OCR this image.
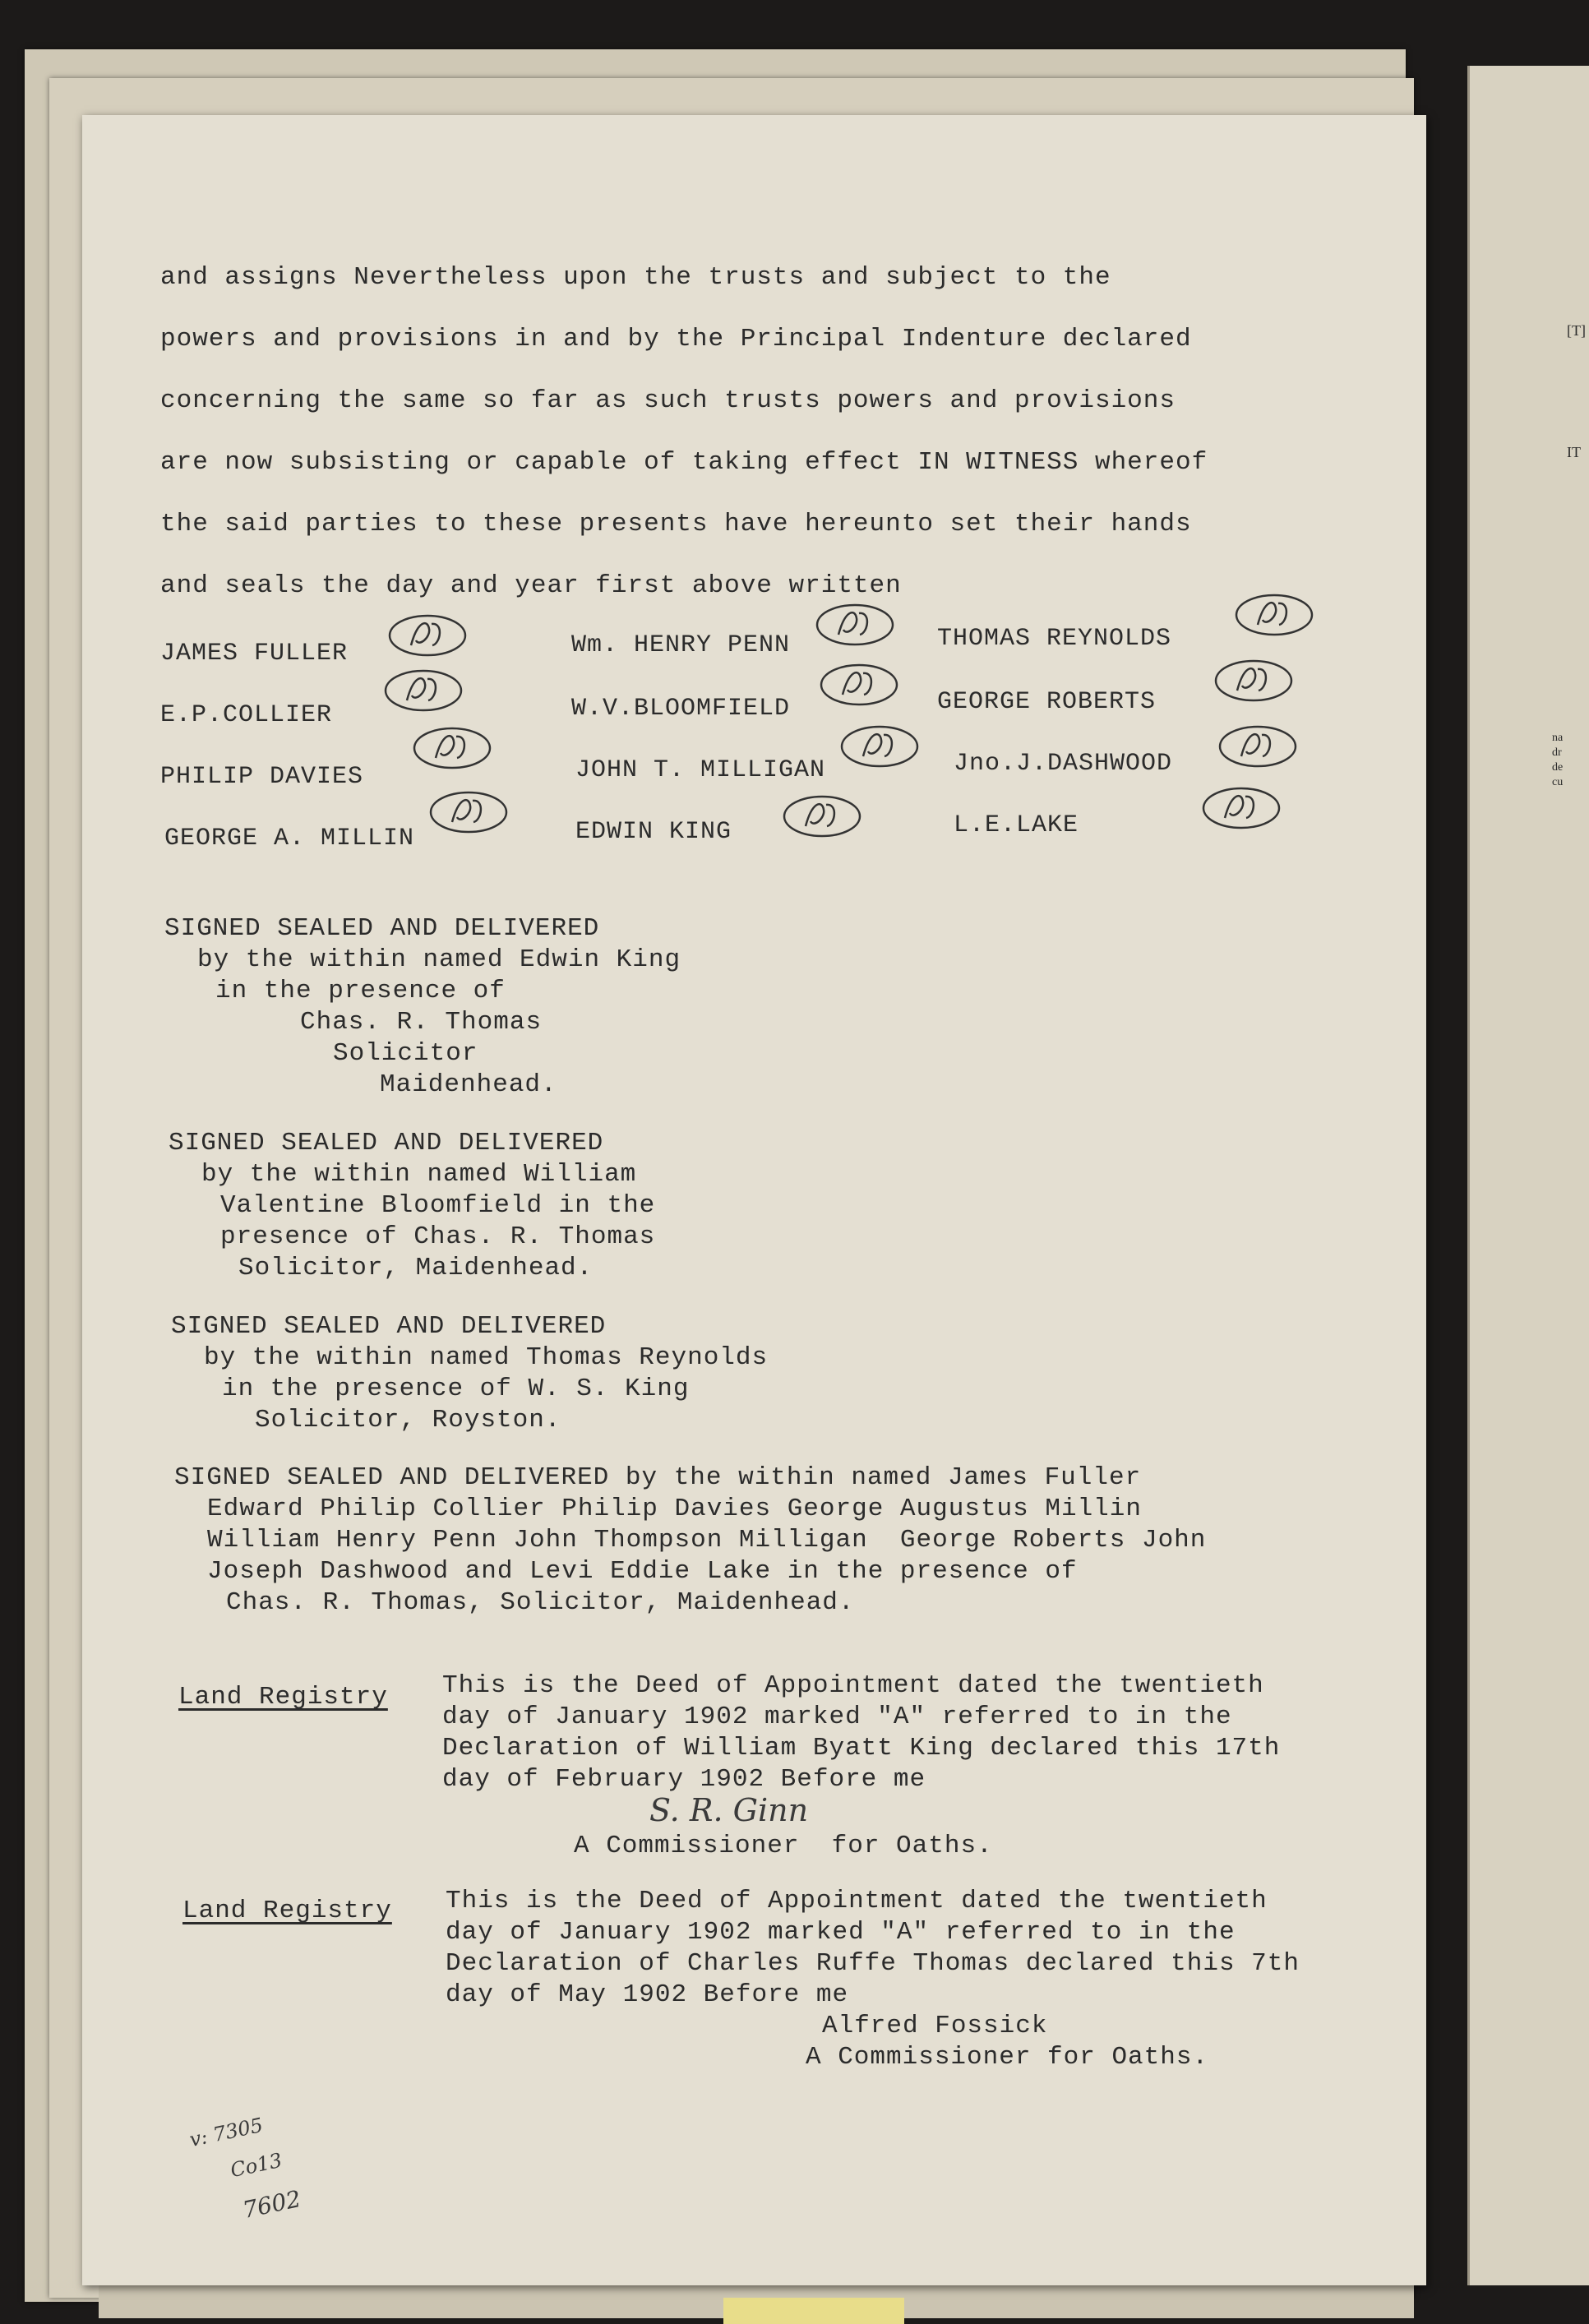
[T]
IT
na
dr
de
cu
and assigns Nevertheless upon the trusts and subject to the
powers and provisions in and by the Principal Indenture declared
concerning the same so far as such trusts powers and provisions
are now subsisting or capable of taking effect IN WITNESS whereof
the said parties to these presents have hereunto set their hands
and seals the day and year first above written
JAMES FULLER	Wm. HENRY PENN	THOMAS REYNOLDS
E.P.COLLIER	W.V.BLOOMFIELD	GEORGE ROBERTS
PHILIP DAVIES	JOHN T. MILLIGAN	Jno.J.DASHWOOD
GEORGE A. MILLIN	EDWIN KING	L.E.LAKE
SIGNED SEALED AND DELIVERED
by the within named Edwin King
in the presence of
Chas. R. Thomas
Solicitor
Maidenhead.
SIGNED SEALED AND DELIVERED
by the within named William
Valentine Bloomfield in the
presence of Chas. R. Thomas
Solicitor, Maidenhead.
SIGNED SEALED AND DELIVERED
by the within named Thomas Reynolds
in the presence of W. S. King
Solicitor, Royston.
SIGNED SEALED AND DELIVERED by the within named James Fuller
Edward Philip Collier Philip Davies George Augustus Millin
William Henry Penn John Thompson Milligan  George Roberts John
Joseph Dashwood and Levi Eddie Lake in the presence of
Chas. R. Thomas, Solicitor, Maidenhead.
Land Registry This is the Deed of Appointment dated the twentieth
day of January 1902 marked "A" referred to in the
Declaration of William Byatt King declared this 17th
day of February 1902 Before me
S. R. Ginn
A Commissioner  for Oaths.
Land Registry This is the Deed of Appointment dated the twentieth
day of January 1902 marked "A" referred to in the
Declaration of Charles Ruffe Thomas declared this 7th
day of May 1902 Before me
Alfred Fossick
A Commissioner for Oaths.
v: 7305
Co13
7602
